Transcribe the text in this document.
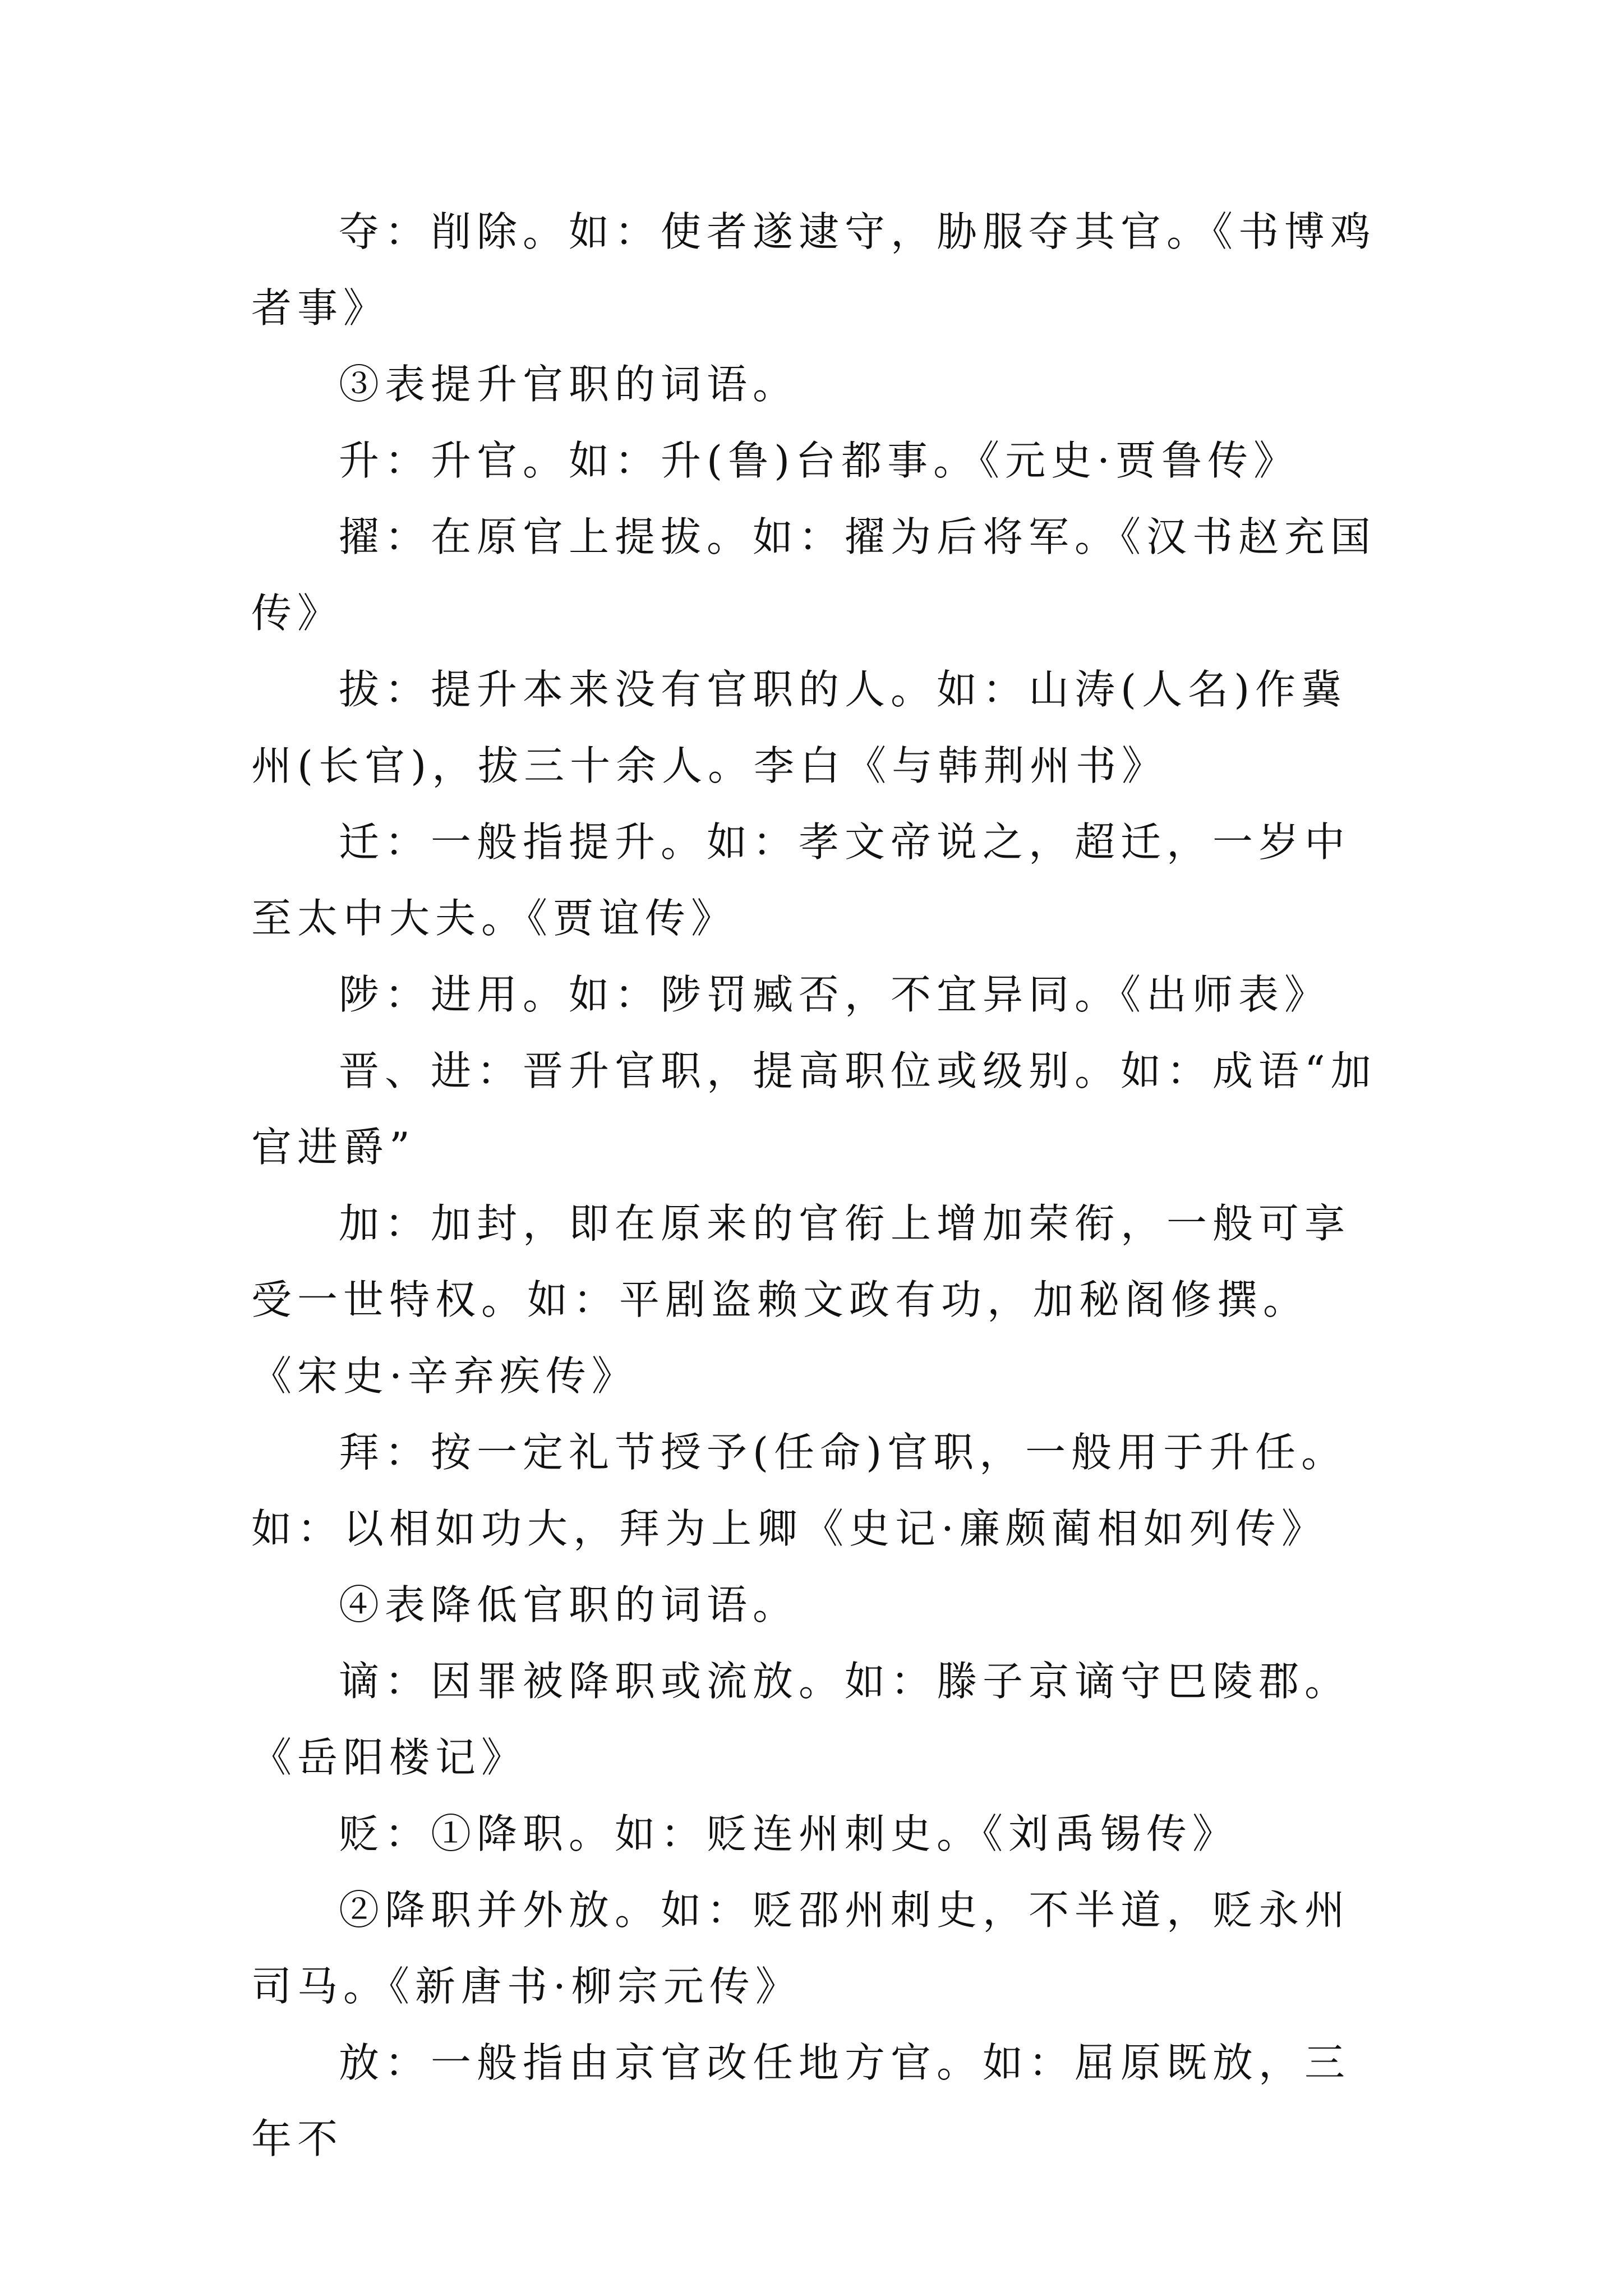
夺：削除。如：使者遂逮守，胁服夺其官。《书博鸡者事》

③表提升官职的词语。

升：升官。如：升(鲁)台都事。《元史·贾鲁传》

擢：在原官上提拔。如：擢为后将军。《汉书赵充国传》

拔：提升本来没有官职的人。如：山涛(人名)作冀州(长官)，拔三十余人。李白《与韩荆州书》

迁：一般指提升。如：孝文帝说之，超迁，一岁中至太中大夫。《贾谊传》

陟：进用。如：陟罚臧否，不宜异同。《出师表》

晋、进：晋升官职，提高职位或级别。如：成语“加官进爵”

加：加封，即在原来的官衔上增加荣衔，一般可享受一世特权。如：平剧盗赖文政有功，加秘阁修撰。《宋史·辛弃疾传》

拜：按一定礼节授予(任命)官职，一般用于升任。如：以相如功大，拜为上卿《史记·廉颇蔺相如列传》

④表降低官职的词语。

谪：因罪被降职或流放。如：滕子京谪守巴陵郡。《岳阳楼记》

贬：①降职。如：贬连州刺史。《刘禹锡传》

②降职并外放。如：贬邵州刺史，不半道，贬永州司马。《新唐书·柳宗元传》

放：一般指由京官改任地方官。如：屈原既放，三年不
